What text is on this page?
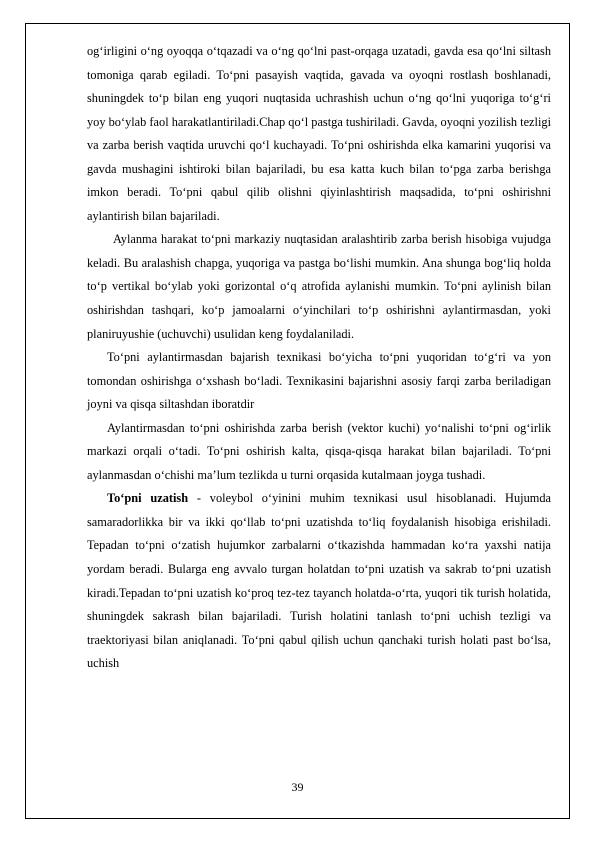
og‘irligini o‘ng oyoqqa o‘tqazadi va o‘ng qo‘lni past-orqaga uzatadi, gavda esa qo‘lni siltash tomoniga qarab egiladi. To‘pni pasayish vaqtida, gavada va oyoqni rostlash boshlanadi, shuningdek to‘p bilan eng yuqori nuqtasida uchrashish uchun o‘ng qo‘lni yuqoriga to‘g‘ri yoy bo‘ylab faol harakatlantiriladi.Chap qo‘l pastga tushiriladi. Gavda, oyoqni yozilish tezligi va zarba berish vaqtida uruvchi qo‘l kuchayadi. To‘pni oshirishda elka kamarini yuqorisi va gavda mushagini ishtiroki bilan bajariladi, bu esa katta kuch bilan to‘pga zarba berishga imkon beradi. To‘pni qabul qilib olishni qiyinlashtirish maqsadida, to‘pni oshirishni aylantirish bilan bajariladi.

Aylanma harakat to‘pni markaziy nuqtasidan aralashtirib zarba berish hisobiga vujudga keladi. Bu aralashish chapga, yuqoriga va pastga bo‘lishi mumkin. Ana shunga bog‘liq holda to‘p vertikal bo‘ylab yoki gorizontal o‘q atrofida aylanishi mumkin. To‘pni aylinish bilan oshirishdan tashqari, ko‘p jamoalarni o‘yinchilari to‘p oshirishni aylantirmasdan, yoki planiruyushie (uchuvchi) usulidan keng foydalaniladi.

To‘pni aylantirmasdan bajarish texnikasi bo‘yicha to‘pni yuqoridan to‘g‘ri va yon tomondan oshirishga o‘xshash bo‘ladi. Texnikasini bajarishni asosiy farqi zarba beriladigan joyni va qisqa siltashdan iboratdir

Aylantirmasdan to‘pni oshirishda zarba berish (vektor kuchi) yo‘nalishi to‘pni og‘irlik markazi orqali o‘tadi. To‘pni oshirish kalta, qisqa-qisqa harakat bilan bajariladi. To‘pni aylanmasdan o‘chishi ma’lum tezlikda u turni orqasida kutalmaan joyga tushadi.

To‘pni uzatish - voleybol o‘yinini muhim texnikasi usul hisoblanadi. Hujumda samaradorlikka bir va ikki qo‘llab to‘pni uzatishda to‘liq foydalanish hisobiga erishiladi. Tepadan to‘pni o‘zatish hujumkor zarbalarni o‘tkazishda hammadan ko‘ra yaxshi natija yordam beradi. Bularga eng avvalo turgan holatdan to‘pni uzatish va sakrab to‘pni uzatish kiradi.Tepadan to‘pni uzatish ko‘proq tez-tez tayanch holatda-o‘rta, yuqori tik turish holatida, shuningdek sakrash bilan bajariladi. Turish holatini tanlash to‘pni uchish tezligi va traektoriyasi bilan aniqlanadi. To‘pni qabul qilish uchun qanchaki turish holati past bo‘lsa, uchish

39
